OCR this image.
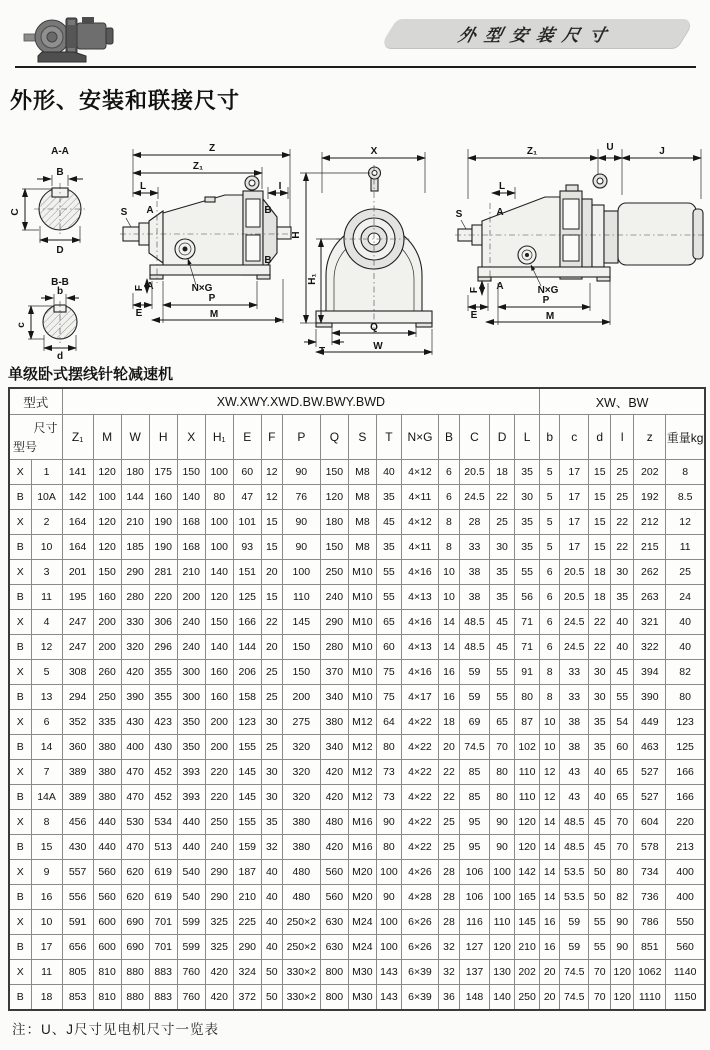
外型安装尺寸
外形、安装和联接尺寸
A-A
B
C
D
B-B
b
c
d
Z
Z₁
L	I
A
A
B
B
S
N×G
F
E
P
M
X
H
H₁
Q
T	W
Z₁	U	J
L
A
A
S
N×G
F
E
P
M
单级卧式摆线针轮减速机
型式		XW.XWY.XWD.BW.BWY.BWD																	XW、BW					

尺寸
型号		Z₁	M	W	H	X	H₁	E	F	P	Q	S	T	N×G	B	C	D	L	b	c	d	l	z	重量kg
X	1	141	120	180	175	150	100	60	12	90	150	M8	40	4×12	6	20.5	18	35	5	17	15	25	202	8
B	10A	142	100	144	160	140	80	47	12	76	120	M8	35	4×11	6	24.5	22	30	5	17	15	25	192	8.5
X	2	164	120	210	190	168	100	101	15	90	180	M8	45	4×12	8	28	25	35	5	17	15	22	212	12
B	10	164	120	185	190	168	100	93	15	90	150	M8	35	4×11	8	33	30	35	5	17	15	22	215	11
X	3	201	150	290	281	210	140	151	20	100	250	M10	55	4×16	10	38	35	55	6	20.5	18	30	262	25
B	11	195	160	280	220	200	120	125	15	110	240	M10	55	4×13	10	38	35	56	6	20.5	18	35	263	24
X	4	247	200	330	306	240	150	166	22	145	290	M10	65	4×16	14	48.5	45	71	6	24.5	22	40	321	40
B	12	247	200	320	296	240	140	144	20	150	280	M10	60	4×13	14	48.5	45	71	6	24.5	22	40	322	40
X	5	308	260	420	355	300	160	206	25	150	370	M10	75	4×16	16	59	55	91	8	33	30	45	394	82
B	13	294	250	390	355	300	160	158	25	200	340	M10	75	4×17	16	59	55	80	8	33	30	55	390	80
X	6	352	335	430	423	350	200	123	30	275	380	M12	64	4×22	18	69	65	87	10	38	35	54	449	123
B	14	360	380	400	430	350	200	155	25	320	340	M12	80	4×22	20	74.5	70	102	10	38	35	60	463	125
X	7	389	380	470	452	393	220	145	30	320	420	M12	73	4×22	22	85	80	110	12	43	40	65	527	166
B	14A	389	380	470	452	393	220	145	30	320	420	M12	73	4×22	22	85	80	110	12	43	40	65	527	166
X	8	456	440	530	534	440	250	155	35	380	480	M16	90	4×22	25	95	90	120	14	48.5	45	70	604	220
B	15	430	440	470	513	440	240	159	32	380	420	M16	80	4×22	25	95	90	120	14	48.5	45	70	578	213
X	9	557	560	620	619	540	290	187	40	480	560	M20	100	4×26	28	106	100	142	14	53.5	50	80	734	400
B	16	556	560	620	619	540	290	210	40	480	560	M20	90	4×28	28	106	100	165	14	53.5	50	82	736	400
X	10	591	600	690	701	599	325	225	40	250×2	630	M24	100	6×26	28	116	110	145	16	59	55	90	786	550
B	17	656	600	690	701	599	325	290	40	250×2	630	M24	100	6×26	32	127	120	210	16	59	55	90	851	560
X	11	805	810	880	883	760	420	324	50	330×2	800	M30	143	6×39	32	137	130	202	20	74.5	70	120	1062	1140
B	18	853	810	880	883	760	420	372	50	330×2	800	M30	143	6×39	36	148	140	250	20	74.5	70	120	1110	1150
注：U、J尺寸见电机尺寸一览表
